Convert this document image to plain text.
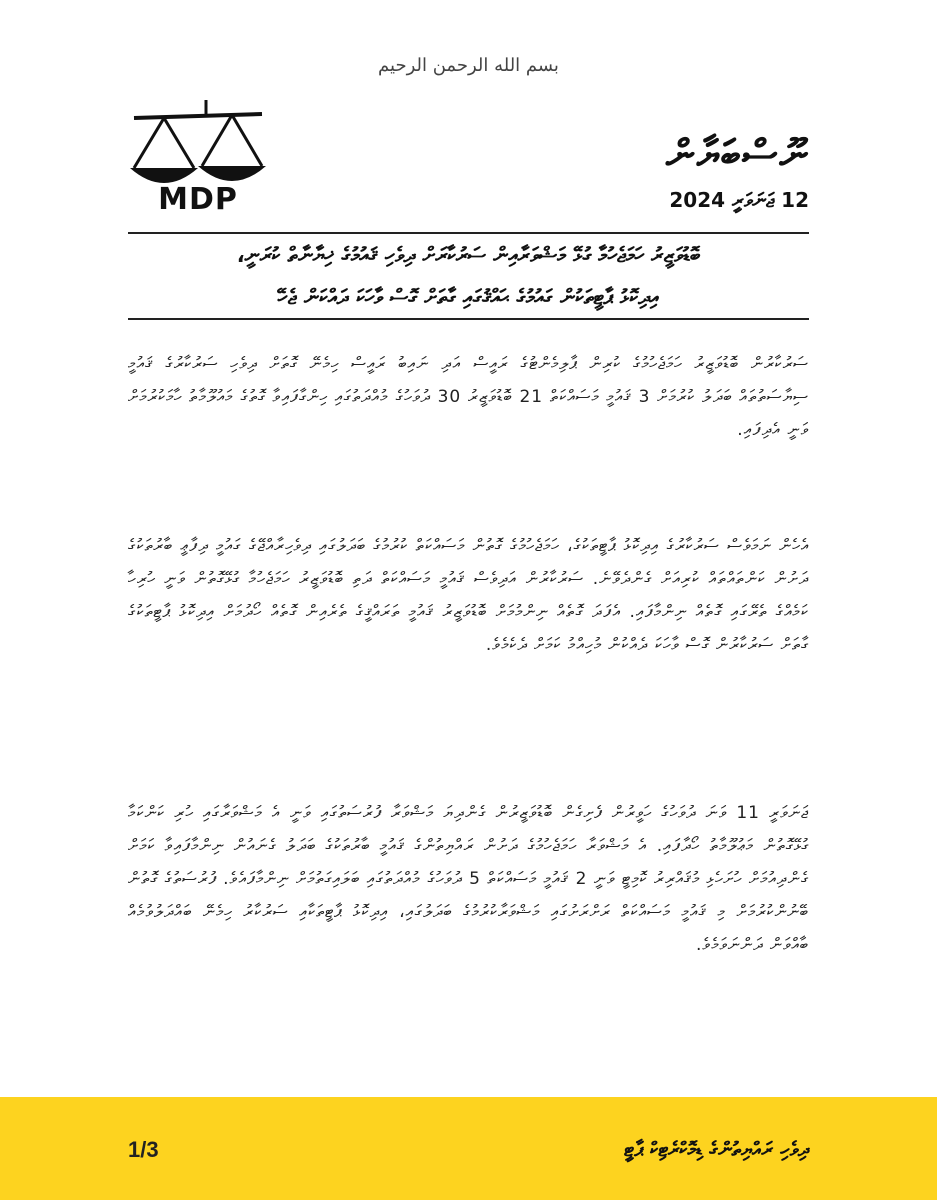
بسم الله الرحمن الرحيم
MDP
ނޫސްބަޔާން
12 ޖަނަވަރީ 2024
ބޮޑުވަޒީރު ހަމަޖެހުމާ ގުޅޭ މަޝްވަރާއިން ސަރުކާރަށް ދިވެހި ޤައުމުގެ ޚިޔާނާތް ކުރަނީ،
އިދިކޮޅު ޕާޓީތަކުން ގައުމުގެ ޙައްޤުގައި ގާތަށް ގޮސް ވާހަކަ ދައްކަން ޖެހޭ
ސަރުކާރުން ބޮޑުވަޒީރު ހަމަޖެހުމުގެ ކުރިން ޕާލިމެންޓުގެ ރައީސް އަދި ނައިބު ރައީސް ހިމެނޭ ގޮތަށް ދިވެހި ސަރުކާރުގެ ޤައުމީ ސިޔާސަތުތައް ބަދަލު ކުރުމަށް 3 ޤައުމީ މަސައްކަތް 21 ބޮޑުވަޒީރު 30 ދުވަހުގެ މުއްދަތުގައި ހިންގާފައިވާ ގޮތުގެ މައުލޫމާތު ހާމަކުރުމަށް ވަނީ އެދިފައި.
އެހެން ނަމަވެސް ސަރުކާރުގެ އިދިކޮޅު ޕާޓީތަކުގެ، ހަމަޖެހުމުގެ ގޮތުން މަސައްކަތް ކުރުމުގެ ބަދަލުގައި ދިވެހިރާއްޖޭގެ ގައުމީ ދިފާޢީ ބާރުތަކުގެ ދަށުން ކަންތައްތައް ކުރިއަށް ގެންދެވޭނެ. ސަރުކާރުން އަދިވެސް ޤައުމީ މަސައްކަތް ދަތި ބޮޑުވަޒީރު ހަމަޖެހުމާ ގުޅޭގޮތުން ވަނީ ހުރިހާ ކަމެއްގެ ތެރޭގައި ގޮތެއް ނިންމާފައި. އެފަދަ ގޮތެއް ނިންމުމަށް ބޮޑުވަޒީރު ޤައުމީ ތަރައްޤީގެ ތެރެއިން ގޮތެއް ހޯދުމަށް އިދިކޮޅު ޕާޓީތަކުގެ ގާތަށް ސަރުކާރުން ގޮސް ވާހަކަ ދެއްކުން މުހިއްމު ކަމަށް ދެކެމެވެ.
ޖަނަވަރީ 11 ވަނަ ދުވަހުގެ ހަވީރުން ފެށިގެން ބޮޑުވަޒީރުން ގެންދިޔަ މަޝްވަރާ ފުރުސަތުގައި ވަނީ އެ މަޝްވަރާގައި ހުރި ކަންކަމާ ގުޅޭގޮތުން މަޢުލޫމާތު ހޯދާފައި. އެ މަޝްވަރާ ހަމަޖެހުމުގެ ދަށުން ރައްޔިތުންގެ ޤައުމީ ބާރުތަކުގެ ބަދަލު ގެނައުން ނިންމާފައިވާ ކަމަށް ގެންދިއުމަށް ހުށަހެޅި މުޤައްރިރު ކޮމިޓީ ވަނީ 2 ޤައުމީ މަސައްކަތް 5 ދުވަހުގެ މުއްދަތުގައި ބަލައިގަތުމަށް ނިންމާފައެވެ. ފުރުސަތުގެ ގޮތުން ބޭނުންކުރުމަށް މި ޤައުމީ މަސައްކަތް ރަށްރަށުގައި މަޝްވަރާކުރުމުގެ ބަދަލުގައި، އިދިކޮޅު ޕާޓީތަކާއި ސަރުކާރު ހިމެނޭ ބައްދަލުވުމެއް ބާއްވަން ދަންނަވަމެވެ.
ދިވެހި ރައްޔިތުންގެ ޑިމޮކްރެޓިކް ޕާޓީ
1/3
